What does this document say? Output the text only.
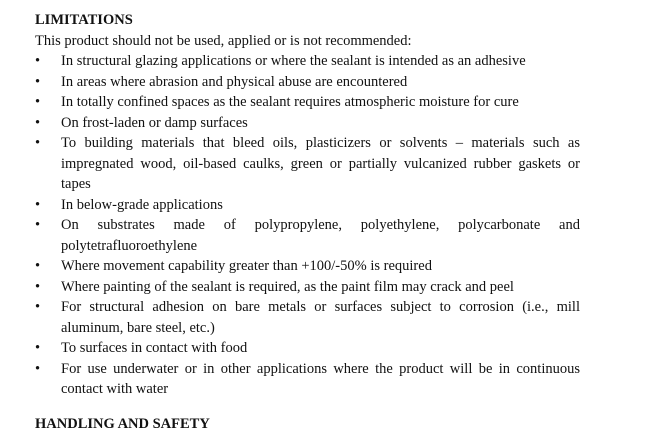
LIMITATIONS

This product should not be used, applied or is not recommended:

•	In structural glazing applications or where the sealant is intended as an adhesive
•	In areas where abrasion and physical abuse are encountered
•	In totally confined spaces as the sealant requires atmospheric moisture for cure
•	On frost-laden or damp surfaces
•	To building materials that bleed oils, plasticizers or solvents – materials such as impregnated wood, oil-based caulks, green or partially vulcanized rubber gaskets or tapes
•	In below-grade applications
•	On substrates made of polypropylene, polyethylene, polycarbonate and polytetrafluoroethylene
•	Where movement capability greater than +100/-50% is required
•	Where painting of the sealant is required, as the paint film may crack and peel
•	For structural adhesion on bare metals or surfaces subject to corrosion (i.e., mill aluminum, bare steel, etc.)
•	To surfaces in contact with food
•	For use underwater or in other applications where the product will be in continuous contact with water

HANDLING AND SAFETY
